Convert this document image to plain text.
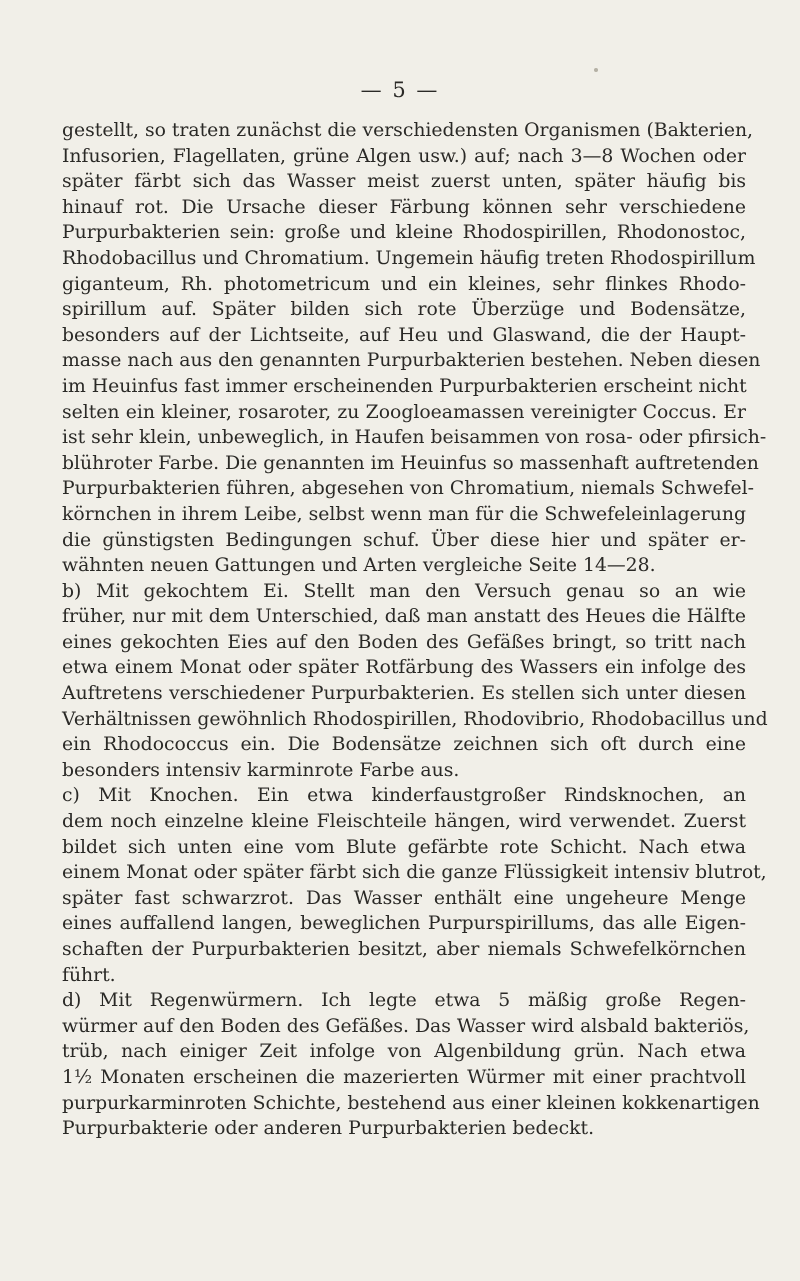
— 5 —
gestellt, so traten zunächst die verschiedensten Organismen (Bakterien,
Infusorien, Flagellaten, grüne Algen usw.) auf; nach 3—8 Wochen oder
später färbt sich das Wasser meist zuerst unten, später häufig bis
hinauf rot. Die Ursache dieser Färbung können sehr verschiedene
Purpurbakterien sein: große und kleine Rhodospirillen, Rhodonostoc,
Rhodobacillus und Chromatium. Ungemein häufig treten Rhodospirillum
giganteum, Rh. photometricum und ein kleines, sehr flinkes Rhodo-
spirillum auf. Später bilden sich rote Überzüge und Bodensätze,
besonders auf der Lichtseite, auf Heu und Glaswand, die der Haupt-
masse nach aus den genannten Purpurbakterien bestehen. Neben diesen
im Heuinfus fast immer erscheinenden Purpurbakterien erscheint nicht
selten ein kleiner, rosaroter, zu Zoogloeamassen vereinigter Coccus. Er
ist sehr klein, unbeweglich, in Haufen beisammen von rosa- oder pfirsich-
blühroter Farbe. Die genannten im Heuinfus so massenhaft auftretenden
Purpurbakterien führen, abgesehen von Chromatium, niemals Schwefel-
körnchen in ihrem Leibe, selbst wenn man für die Schwefeleinlagerung
die günstigsten Bedingungen schuf. Über diese hier und später er-
wähnten neuen Gattungen und Arten vergleiche Seite 14—28.
b) Mit gekochtem Ei. Stellt man den Versuch genau so an wie
früher, nur mit dem Unterschied, daß man anstatt des Heues die Hälfte
eines gekochten Eies auf den Boden des Gefäßes bringt, so tritt nach
etwa einem Monat oder später Rotfärbung des Wassers ein infolge des
Auftretens verschiedener Purpurbakterien. Es stellen sich unter diesen
Verhältnissen gewöhnlich Rhodospirillen, Rhodovibrio, Rhodobacillus und
ein Rhodococcus ein. Die Bodensätze zeichnen sich oft durch eine
besonders intensiv karminrote Farbe aus.
c) Mit Knochen. Ein etwa kinderfaustgroßer Rindsknochen, an
dem noch einzelne kleine Fleischteile hängen, wird verwendet. Zuerst
bildet sich unten eine vom Blute gefärbte rote Schicht. Nach etwa
einem Monat oder später färbt sich die ganze Flüssigkeit intensiv blutrot,
später fast schwarzrot. Das Wasser enthält eine ungeheure Menge
eines auffallend langen, beweglichen Purpurspirillums, das alle Eigen-
schaften der Purpurbakterien besitzt, aber niemals Schwefelkörnchen
führt.
d) Mit Regenwürmern. Ich legte etwa 5 mäßig große Regen-
würmer auf den Boden des Gefäßes. Das Wasser wird alsbald bakteriös,
trüb, nach einiger Zeit infolge von Algenbildung grün. Nach etwa
1½ Monaten erscheinen die mazerierten Würmer mit einer prachtvoll
purpurkarminroten Schichte, bestehend aus einer kleinen kokkenartigen
Purpurbakterie oder anderen Purpurbakterien bedeckt.
